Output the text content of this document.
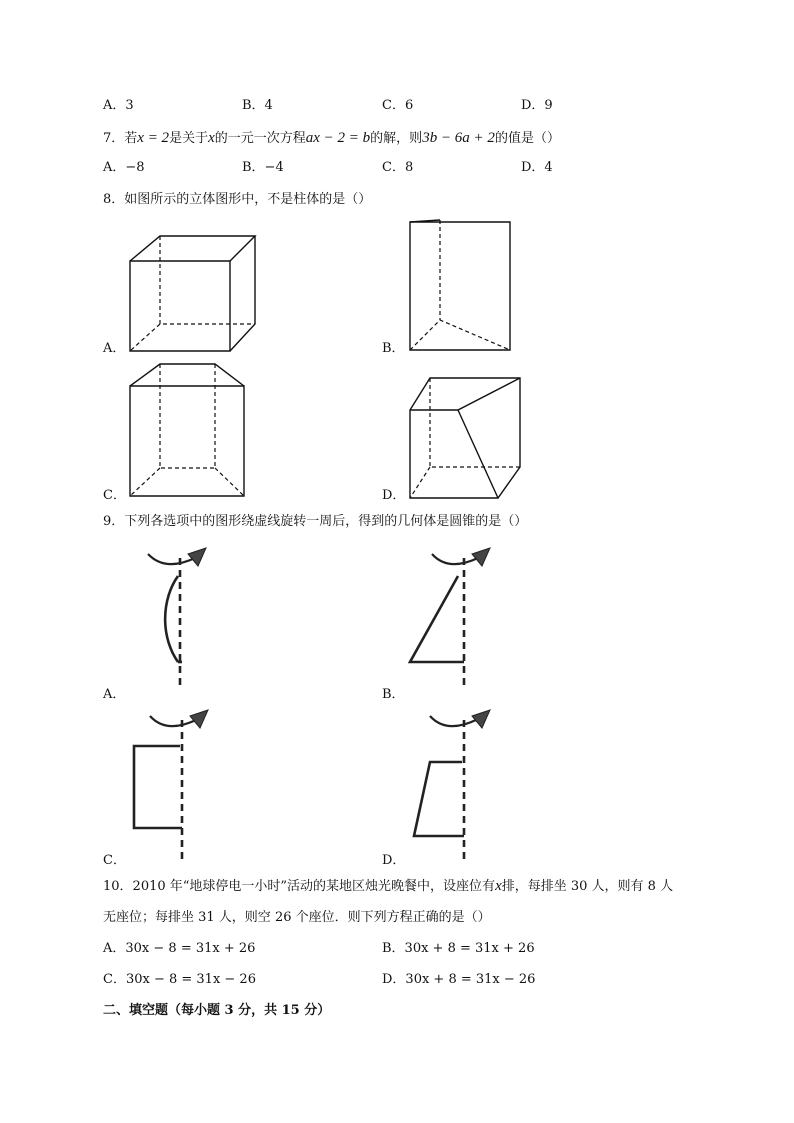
A．3	B．4	C．6	D．9
7．若x = 2是关于x的一元一次方程ax − 2 = b的解，则3b − 6a + 2的值是（）
A．−8	B．−4	C．8	D．4
8．如图所示的立体图形中，不是柱体的是（）
A．	B．
C．	D．
9．下列各选项中的图形绕虚线旋转一周后，得到的几何体是圆锥的是（）
A．	B．
C．	D．
10．2010 年“地球停电一小时”活动的某地区烛光晚餐中，设座位有x排，每排坐 30 人，则有 8 人
无座位；每排坐 31 人，则空 26 个座位．则下列方程正确的是（）
A．30x − 8 = 31x + 26	B．30x + 8 = 31x + 26
C．30x − 8 = 31x − 26	D．30x + 8 = 31x − 26
二、填空题（每小题 3 分，共 15 分）
